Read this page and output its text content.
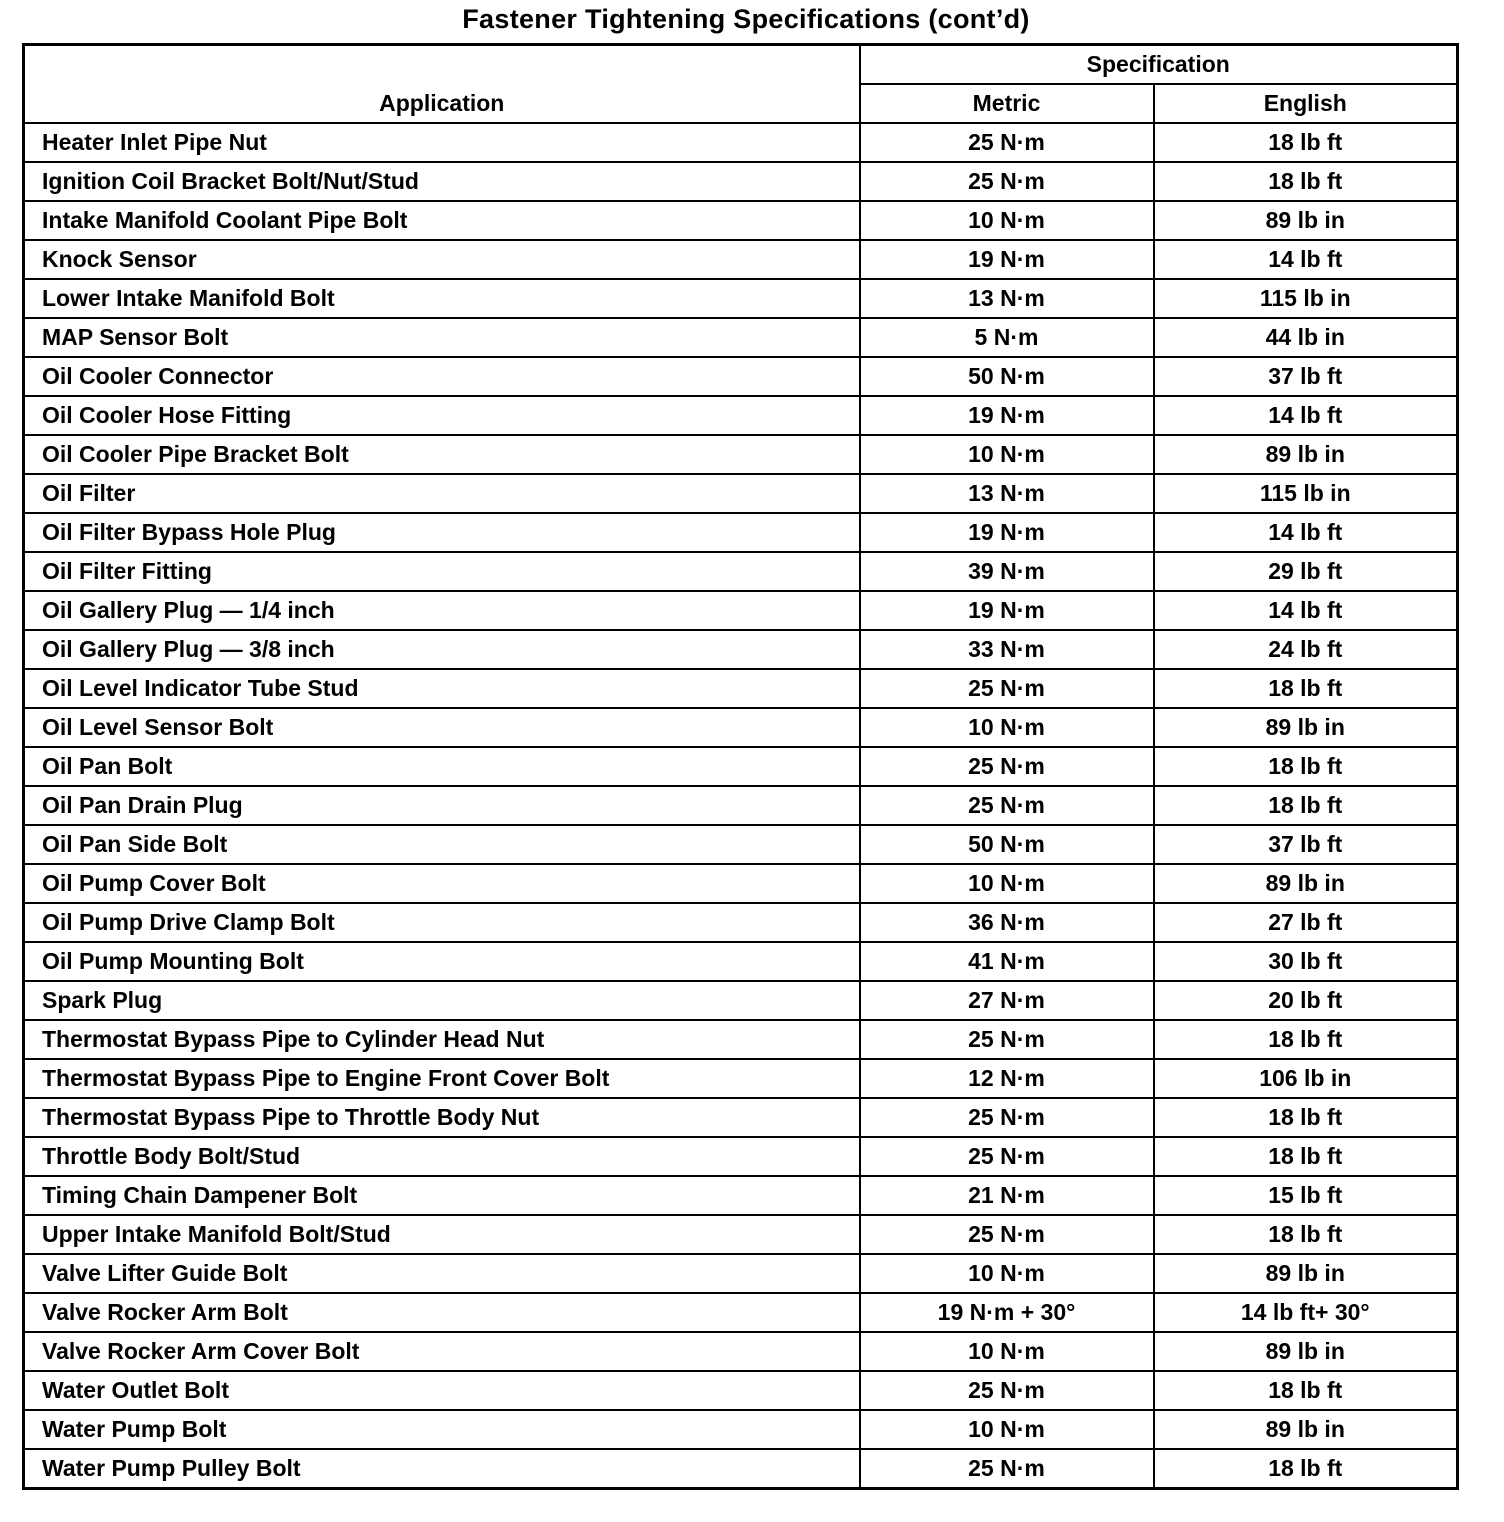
Fastener Tightening Specifications (cont’d)
Application	Specification	
	Metric	English
Heater Inlet Pipe Nut	25 N·m	18 lb ft
Ignition Coil Bracket Bolt/Nut/Stud	25 N·m	18 lb ft
Intake Manifold Coolant Pipe Bolt	10 N·m	89 lb in
Knock Sensor	19 N·m	14 lb ft
Lower Intake Manifold Bolt	13 N·m	115 lb in
MAP Sensor Bolt	5 N·m	44 lb in
Oil Cooler Connector	50 N·m	37 lb ft
Oil Cooler Hose Fitting	19 N·m	14 lb ft
Oil Cooler Pipe Bracket Bolt	10 N·m	89 lb in
Oil Filter	13 N·m	115 lb in
Oil Filter Bypass Hole Plug	19 N·m	14 lb ft
Oil Filter Fitting	39 N·m	29 lb ft
Oil Gallery Plug — 1/4 inch	19 N·m	14 lb ft
Oil Gallery Plug — 3/8 inch	33 N·m	24 lb ft
Oil Level Indicator Tube Stud	25 N·m	18 lb ft
Oil Level Sensor Bolt	10 N·m	89 lb in
Oil Pan Bolt	25 N·m	18 lb ft
Oil Pan Drain Plug	25 N·m	18 lb ft
Oil Pan Side Bolt	50 N·m	37 lb ft
Oil Pump Cover Bolt	10 N·m	89 lb in
Oil Pump Drive Clamp Bolt	36 N·m	27 lb ft
Oil Pump Mounting Bolt	41 N·m	30 lb ft
Spark Plug	27 N·m	20 lb ft
Thermostat Bypass Pipe to Cylinder Head Nut	25 N·m	18 lb ft
Thermostat Bypass Pipe to Engine Front Cover Bolt	12 N·m	106 lb in
Thermostat Bypass Pipe to Throttle Body Nut	25 N·m	18 lb ft
Throttle Body Bolt/Stud	25 N·m	18 lb ft
Timing Chain Dampener Bolt	21 N·m	15 lb ft
Upper Intake Manifold Bolt/Stud	25 N·m	18 lb ft
Valve Lifter Guide Bolt	10 N·m	89 lb in
Valve Rocker Arm Bolt	19 N·m + 30°	14 lb ft+ 30°
Valve Rocker Arm Cover Bolt	10 N·m	89 lb in
Water Outlet Bolt	25 N·m	18 lb ft
Water Pump Bolt	10 N·m	89 lb in
Water Pump Pulley Bolt	25 N·m	18 lb ft
